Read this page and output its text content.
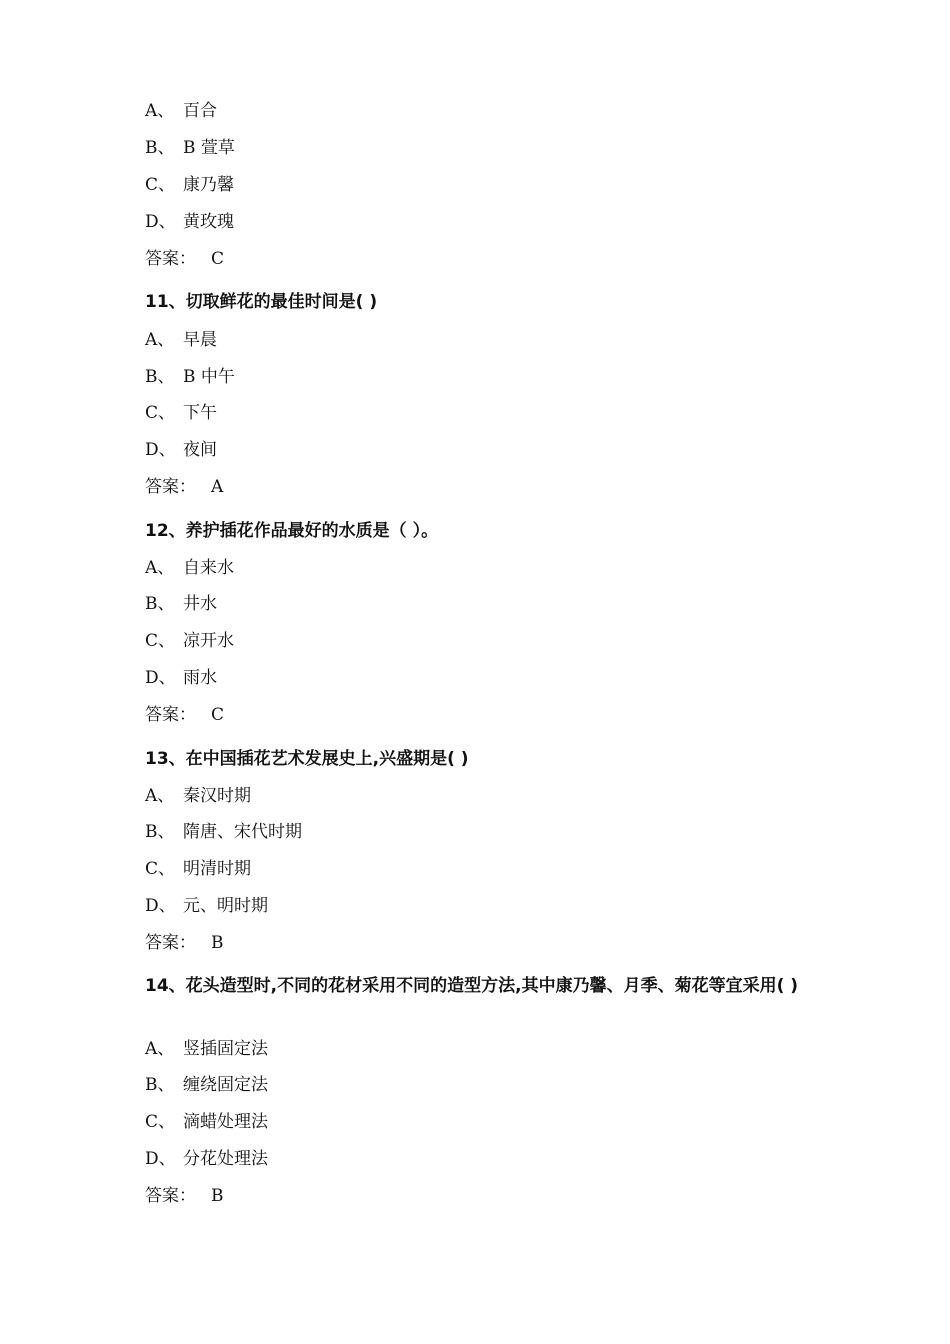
A、 百合
B、 B 萱草
C、 康乃馨
D、 黄玫瑰
答案： C
11、切取鲜花的最佳时间是( )
A、 早晨
B、 B 中午
C、 下午
D、 夜间
答案： A
12、养护插花作品最好的水质是（ ）。
A、 自来水
B、 井水
C、 凉开水
D、 雨水
答案： C
13、在中国插花艺术发展史上,兴盛期是( )
A、 秦汉时期
B、 隋唐、宋代时期
C、 明清时期
D、 元、明时期
答案： B
14、花头造型时,不同的花材采用不同的造型方法,其中康乃馨、月季、菊花等宜采用( )
A、 竖插固定法
B、 缠绕固定法
C、 滴蜡处理法
D、 分花处理法
答案： B
